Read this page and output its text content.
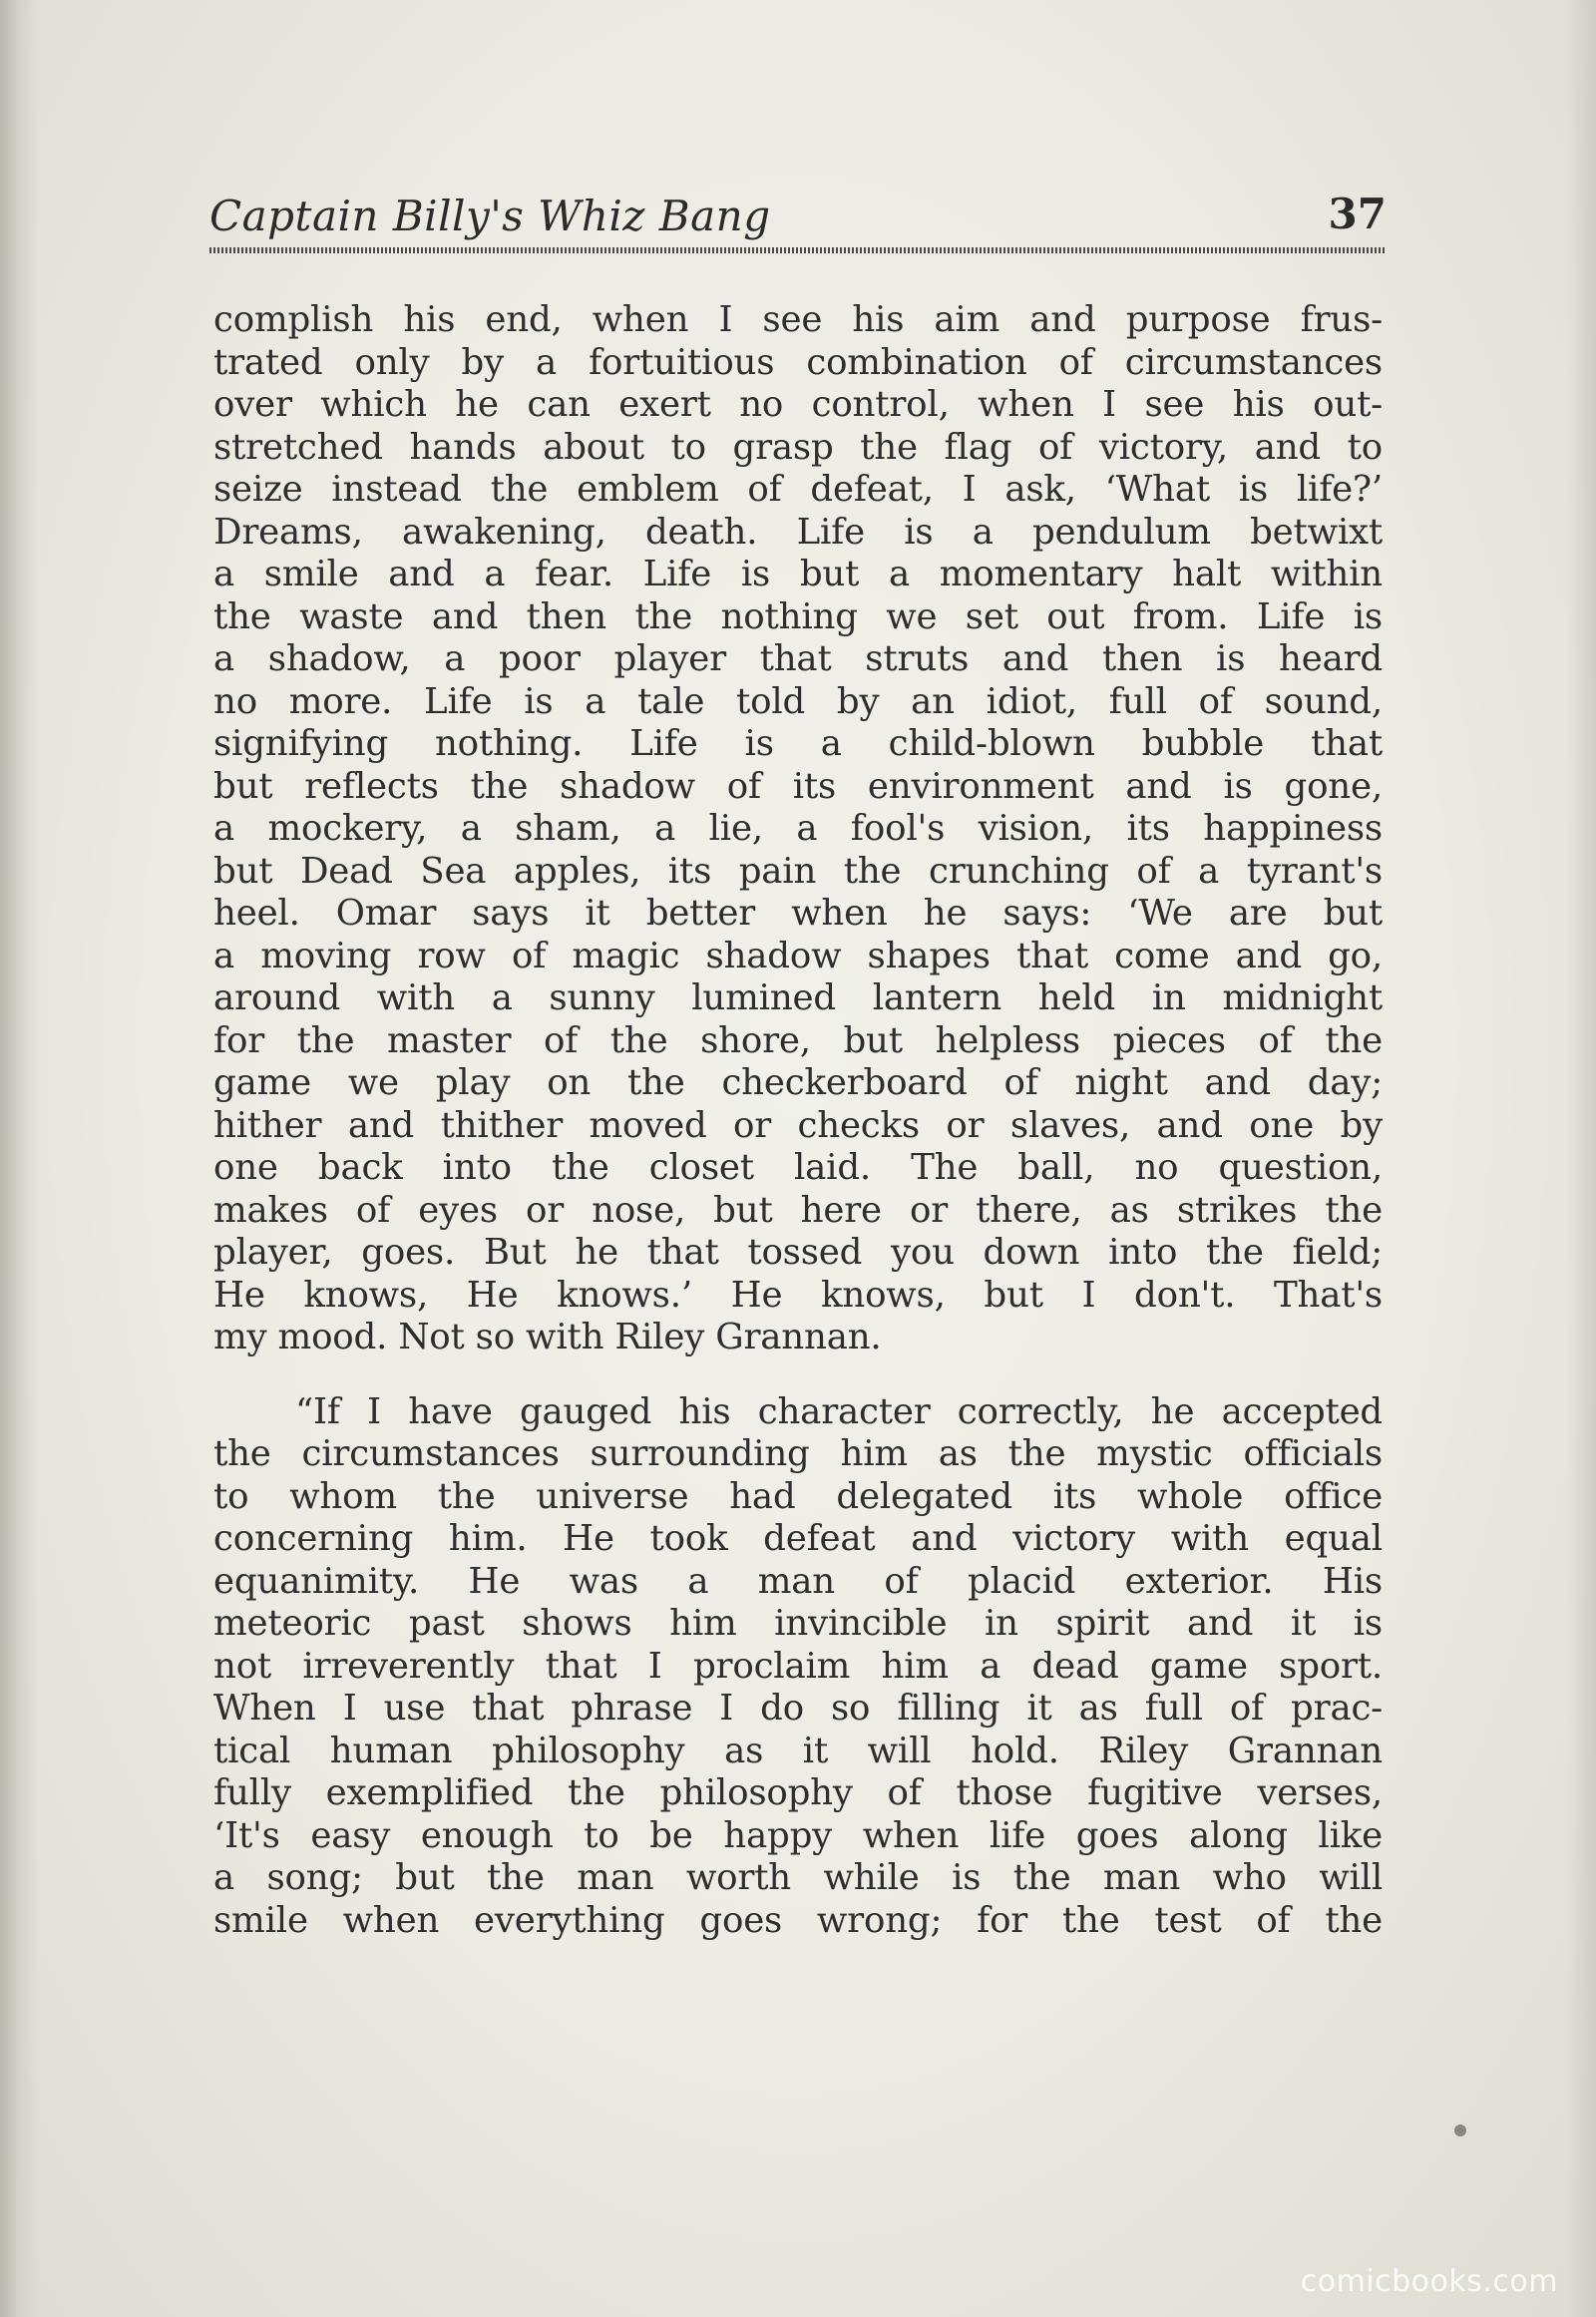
Captain Billy's Whiz Bang	37
complish his end, when I see his aim and purpose frus-
trated only by a fortuitious combination of circumstances
over which he can exert no control, when I see his out-
stretched hands about to grasp the flag of victory, and to
seize instead the emblem of defeat, I ask, ‘What is life?’
Dreams, awakening, death. Life is a pendulum betwixt
a smile and a fear. Life is but a momentary halt within
the waste and then the nothing we set out from. Life is
a shadow, a poor player that struts and then is heard
no more. Life is a tale told by an idiot, full of sound,
signifying nothing. Life is a child-blown bubble that
but reflects the shadow of its environment and is gone,
a mockery, a sham, a lie, a fool's vision, its happiness
but Dead Sea apples, its pain the crunching of a tyrant's
heel. Omar says it better when he says: ‘We are but
a moving row of magic shadow shapes that come and go,
around with a sunny lumined lantern held in midnight
for the master of the shore, but helpless pieces of the
game we play on the checkerboard of night and day;
hither and thither moved or checks or slaves, and one by
one back into the closet laid. The ball, no question,
makes of eyes or nose, but here or there, as strikes the
player, goes. But he that tossed you down into the field;
He knows, He knows.’ He knows, but I don't. That's
my mood. Not so with Riley Grannan.
“If I have gauged his character correctly, he accepted
the circumstances surrounding him as the mystic officials
to whom the universe had delegated its whole office
concerning him. He took defeat and victory with equal
equanimity. He was a man of placid exterior. His
meteoric past shows him invincible in spirit and it is
not irreverently that I proclaim him a dead game sport.
When I use that phrase I do so filling it as full of prac-
tical human philosophy as it will hold. Riley Grannan
fully exemplified the philosophy of those fugitive verses,
‘It's easy enough to be happy when life goes along like
a song; but the man worth while is the man who will
smile when everything goes wrong; for the test of the
comicbooks.com
